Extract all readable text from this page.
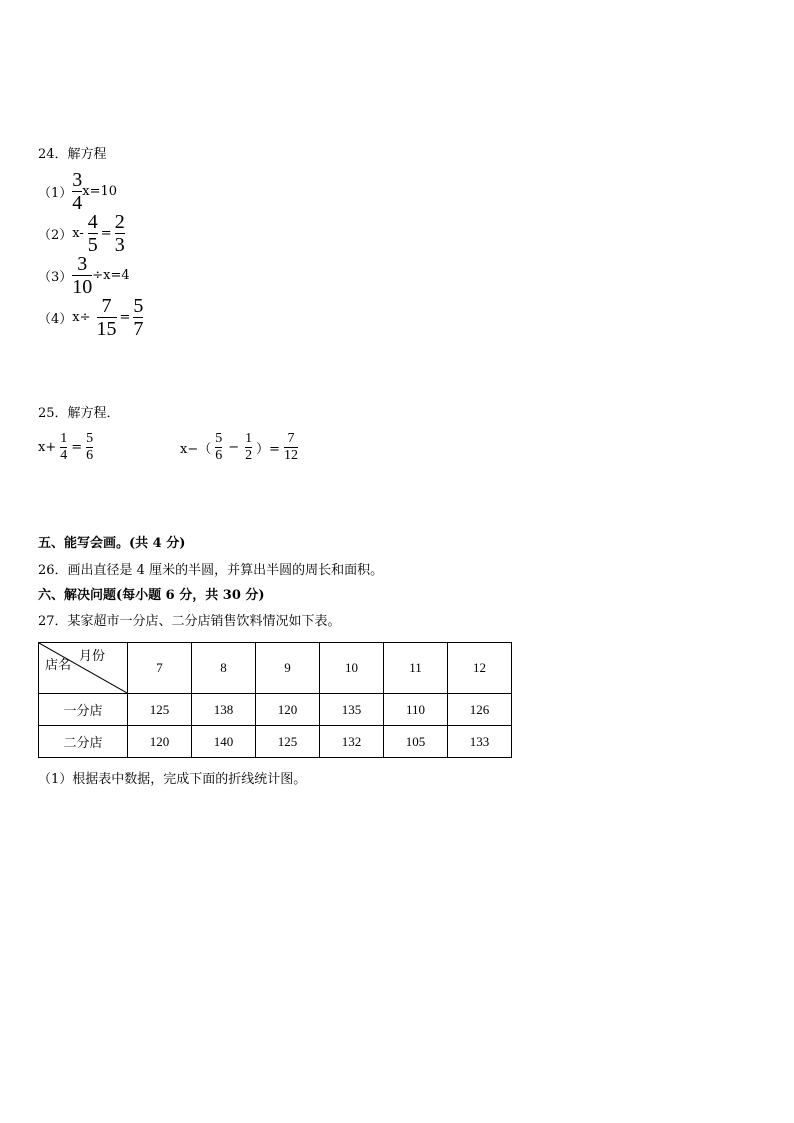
24．解方程
$(1) \frac{3}{4} x=10$
（2） $x- \frac{4}{5} = \frac{2}{3}$
$(3) \frac{3}{10} \div x=4$
（4） $x\div \frac{7}{15} = \frac{5}{7}$
25．解方程．
$x+ \frac{1}{4} = \frac{5}{6}$	$x-( \frac{5}{6} - \frac{1}{2}$ ）= $\frac{7}{12}$
五、能写会画。(共 4 分)
26．画出直径是 4 厘米的半圆，并算出半圆的周长和面积。
六、解决问题(每小题 6 分，共 30 分)
27．某家超市一分店、二分店销售饮料情况如下表。
月份
店名	7	8	9	10	11	12
一分店	125	138	120	135	110	126
二分店	120	140	125	132	105	133
（1）根据表中数据，完成下面的折线统计图。
